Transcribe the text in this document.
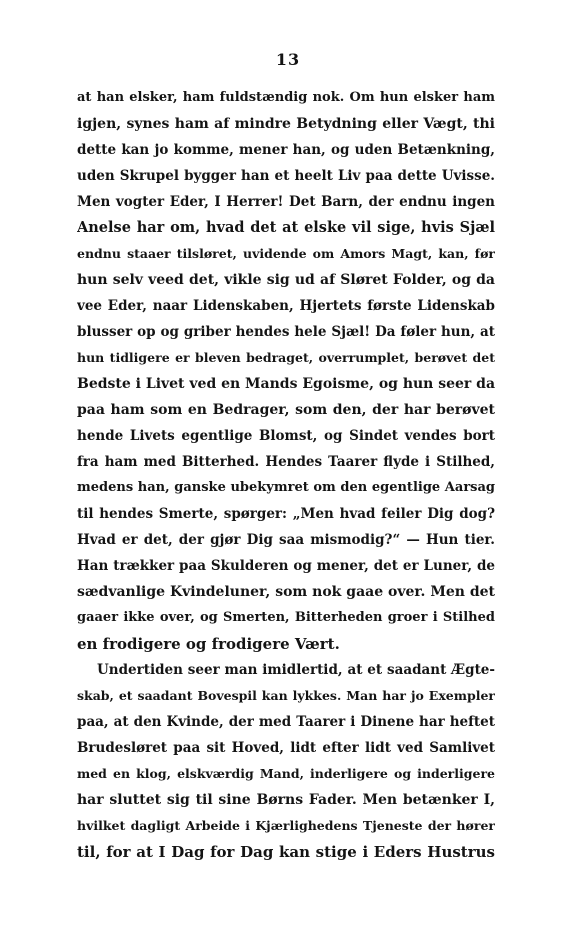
13
at han elsker, ham fuldstændig nok. Om hun elsker ham
igjen, synes ham af mindre Betydning eller Vægt, thi
dette kan jo komme, mener han, og uden Betænkning,
uden Skrupel bygger han et heelt Liv paa dette Uvisse.
Men vogter Eder, I Herrer! Det Barn, der endnu ingen
Anelse har om, hvad det at elske vil sige, hvis Sjæl
endnu staaer tilsløret, uvidende om Amors Magt, kan, før
hun selv veed det, vikle sig ud af Sløret Folder, og da
vee Eder, naar Lidenskaben, Hjertets første Lidenskab
blusser op og griber hendes hele Sjæl! Da føler hun, at
hun tidligere er bleven bedraget, overrumplet, berøvet det
Bedste i Livet ved en Mands Egoisme, og hun seer da
paa ham som en Bedrager, som den, der har berøvet
hende Livets egentlige Blomst, og Sindet vendes bort
fra ham med Bitterhed. Hendes Taarer flyde i Stilhed,
medens han, ganske ubekymret om den egentlige Aarsag
til hendes Smerte, spørger: „Men hvad feiler Dig dog?
Hvad er det, der gjør Dig saa mismodig?“ — Hun tier.
Han trækker paa Skulderen og mener, det er Luner, de
sædvanlige Kvindeluner, som nok gaae over. Men det
gaaer ikke over, og Smerten, Bitterheden groer i Stilhed
en frodigere og frodigere Vært.
Undertiden seer man imidlertid, at et saadant Ægte-
skab, et saadant Bovespil kan lykkes. Man har jo Exempler
paa, at den Kvinde, der med Taarer i Dinene har heftet
Brudesløret paa sit Hoved, lidt efter lidt ved Samlivet
med en klog, elskværdig Mand, inderligere og inderligere
har sluttet sig til sine Børns Fader. Men betænker I,
hvilket dagligt Arbeide i Kjærlighedens Tjeneste der hører
til, for at I Dag for Dag kan stige i Eders Hustrus
